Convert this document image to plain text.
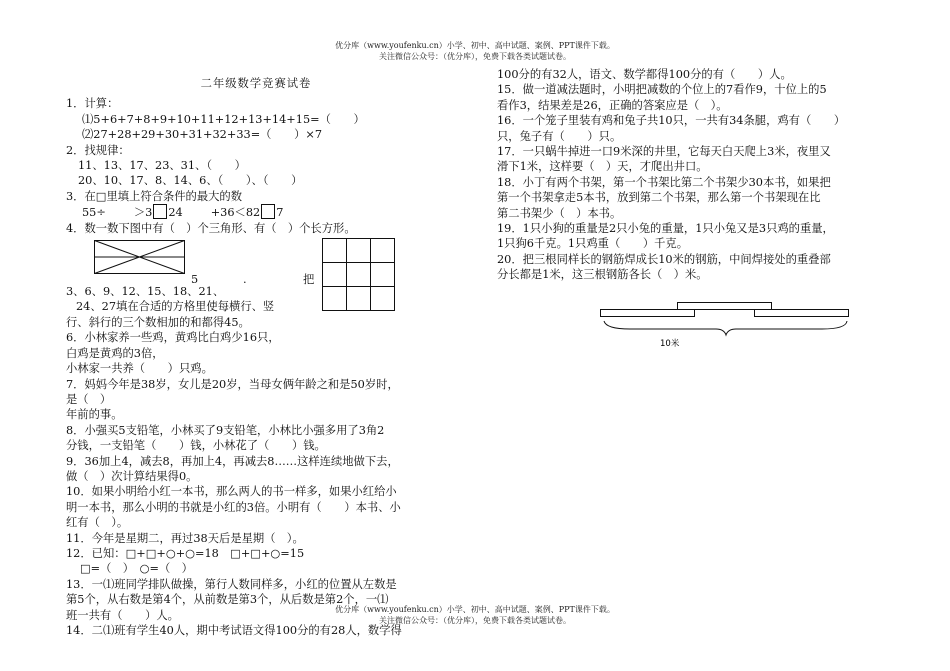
优分库（www.youfenku.cn）小学、初中、高中试题、案例、PPT课件下载。
关注微信公众号：（优分库），免费下载各类试题试卷。

二年级数学竞赛试卷

1．计算：

⑴5+6+7+8+9+10+11+12+13+14+15=（　　）

⑵27+28+29+30+31+32+33=（　　）×7

2．找规律：

11、13、17、23、31、（　　）

20、10、17、8、14、6、（　　）、（　　）

3．在□里填上符合条件的最大的数

55÷ ＞3 24 +36＜82 7

4．数一数下图中有（　）个三角形、有（　）个长方形。

5	.	把

3、6、9、12、15、18、21、

24、27填在合适的方格里使每横行、竖

行、斜行的三个数相加的和都得45。

6．小林家养一些鸡，黄鸡比白鸡少16只，

白鸡是黄鸡的3倍，

小林家一共养（　　）只鸡。

7．妈妈今年是38岁，女儿是20岁，当母女俩年龄之和是50岁时，

是（　）

年前的事。

8．小强买5支铅笔，小林买了9支铅笔，小林比小强多用了3角2

分钱，一支铅笔（　　）钱，小林花了（　　）钱。

9．36加上4，减去8，再加上4，再减去8……这样连续地做下去，

做（　）次计算结果得0。

10．如果小明给小红一本书，那么两人的书一样多，如果小红给小

明一本书，那么小明的书就是小红的3倍。小明有（　　）本书、小

红有（　）。

11．今年是星期二，再过38天后是星期（　）。

12．已知：□+□+○+○=18　□+□+○=15

□=（　）　○=（　）

13．一⑴班同学排队做操，第行人数同样多，小红的位置从左数是

第5个，从右数是第4个，从前数是第3个，从后数是第2个，一⑴

班一共有（　　）人。

14．二⑴班有学生40人，期中考试语文得100分的有28人，数学得

100分的有32人，语文、数学都得100分的有（　　）人。

15．做一道减法题时，小明把减数的个位上的7看作9，十位上的5

看作3，结果差是26，正确的答案应是（　）。

16．一个笼子里装有鸡和兔子共10只，一共有34条腿，鸡有（　　）

只，兔子有（　　）只。

17．一只蜗牛掉进一口9米深的井里，它每天白天爬上3米，夜里又

滑下1米，这样要（　）天，才爬出井口。

18．小丁有两个书架，第一个书架比第二个书架少30本书，如果把

第一个书架拿走5本书，放到第二个书架，那么第一个书架现在比

第二书架少（　）本书。

19．1只小狗的重量是2只小兔的重量，1只小兔又是3只鸡的重量，

1只狗6千克。1只鸡重（　　）千克。

20．把三根同样长的钢筋焊成长10米的钢筋，中间焊接处的重叠部

分长都是1米，这三根钢筋各长（　）米。

10米
优分库（www.youfenku.cn）小学、初中、高中试题、案例、PPT课件下载。
关注微信公众号：（优分库），免费下载各类试题试卷。
